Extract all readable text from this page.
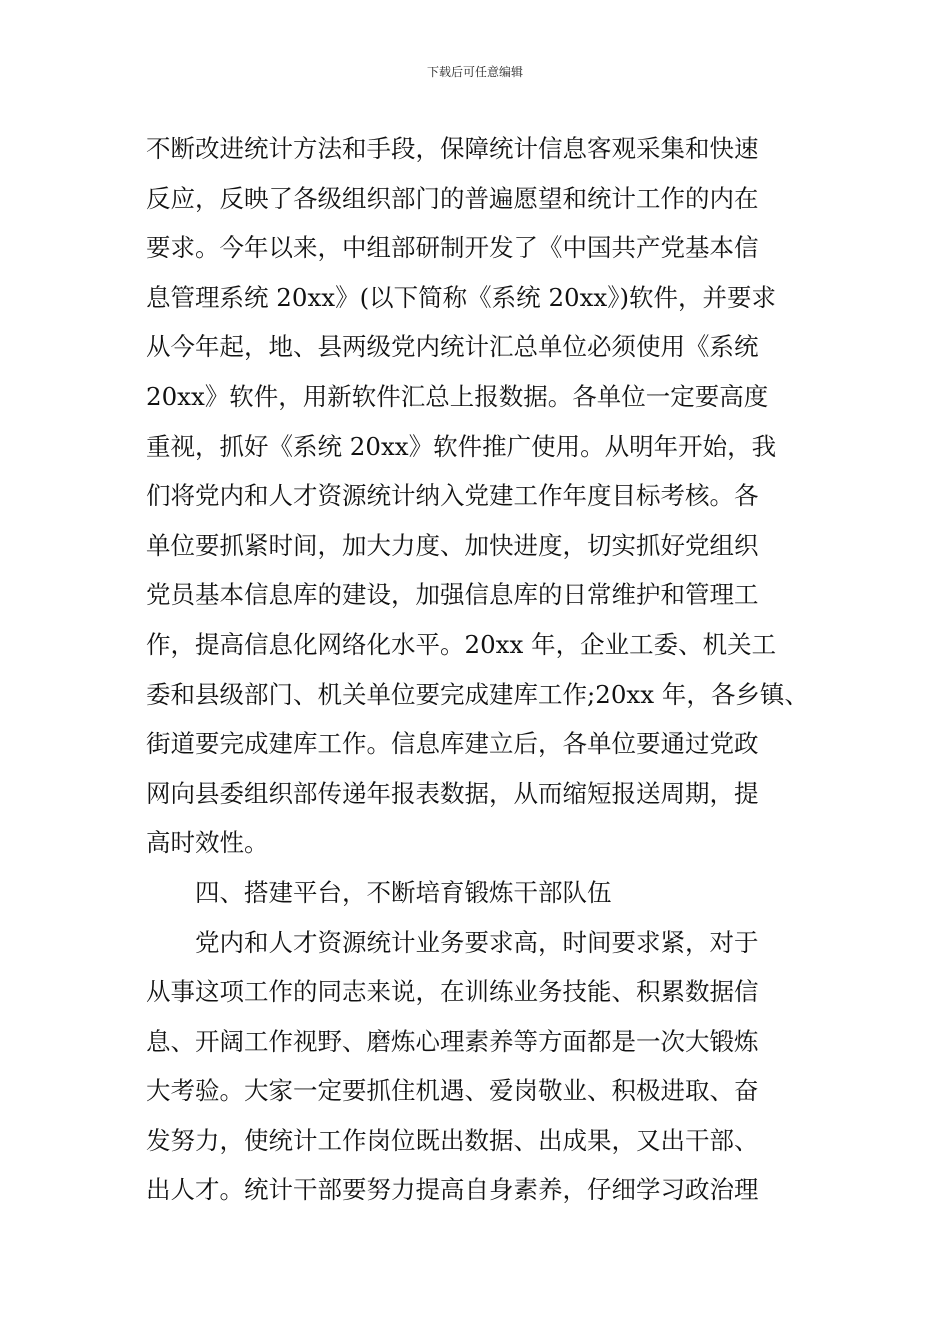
下载后可任意编辑
不断改进统计方法和手段，保障统计信息客观采集和快速
反应，反映了各级组织部门的普遍愿望和统计工作的内在
要求。今年以来，中组部研制开发了《中国共产党基本信
息管理系统 20xx》(以下简称《系统 20xx》)软件，并要求
从今年起，地、县两级党内统计汇总单位必须使用《系统
20xx》软件，用新软件汇总上报数据。各单位一定要高度
重视，抓好《系统 20xx》软件推广使用。从明年开始，我
们将党内和人才资源统计纳入党建工作年度目标考核。各
单位要抓紧时间，加大力度、加快进度，切实抓好党组织
党员基本信息库的建设，加强信息库的日常维护和管理工
作，提高信息化网络化水平。20xx 年，企业工委、机关工
委和县级部门、机关单位要完成建库工作;20xx 年，各乡镇、
街道要完成建库工作。信息库建立后，各单位要通过党政
网向县委组织部传递年报表数据，从而缩短报送周期，提
高时效性。
四、搭建平台，不断培育锻炼干部队伍
党内和人才资源统计业务要求高，时间要求紧，对于
从事这项工作的同志来说，在训练业务技能、积累数据信
息、开阔工作视野、磨炼心理素养等方面都是一次大锻炼
大考验。大家一定要抓住机遇、爱岗敬业、积极进取、奋
发努力，使统计工作岗位既出数据、出成果，又出干部、
出人才。统计干部要努力提高自身素养，仔细学习政治理
